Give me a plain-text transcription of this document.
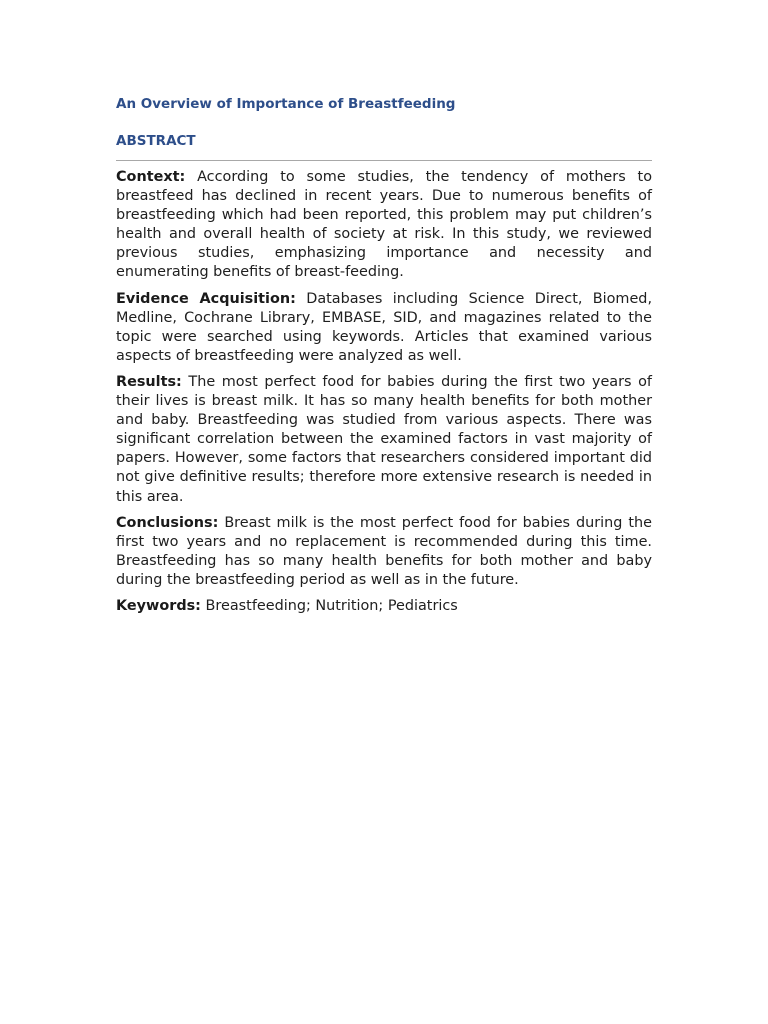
An Overview of Importance of Breastfeeding
ABSTRACT

Context: According to some studies, the tendency of mothers to breastfeed has declined in recent years. Due to numerous benefits of breastfeeding which had been reported, this problem may put children’s health and overall health of society at risk. In this study, we reviewed previous studies, emphasizing importance and necessity and enumerating benefits of breast-feeding.

Evidence Acquisition: Databases including Science Direct, Biomed, Medline, Cochrane Library, EMBASE, SID, and magazines related to the topic were searched using keywords. Articles that examined various aspects of breastfeeding were analyzed as well.

Results: The most perfect food for babies during the first two years of their lives is breast milk. It has so many health benefits for both mother and baby. Breastfeeding was studied from various aspects. There was significant correlation between the examined factors in vast majority of papers. However, some factors that researchers considered important did not give definitive results; therefore more extensive research is needed in this area.

Conclusions: Breast milk is the most perfect food for babies during the first two years and no replacement is recommended during this time. Breastfeeding has so many health benefits for both mother and baby during the breastfeeding period as well as in the future.

Keywords: Breastfeeding; Nutrition; Pediatrics
